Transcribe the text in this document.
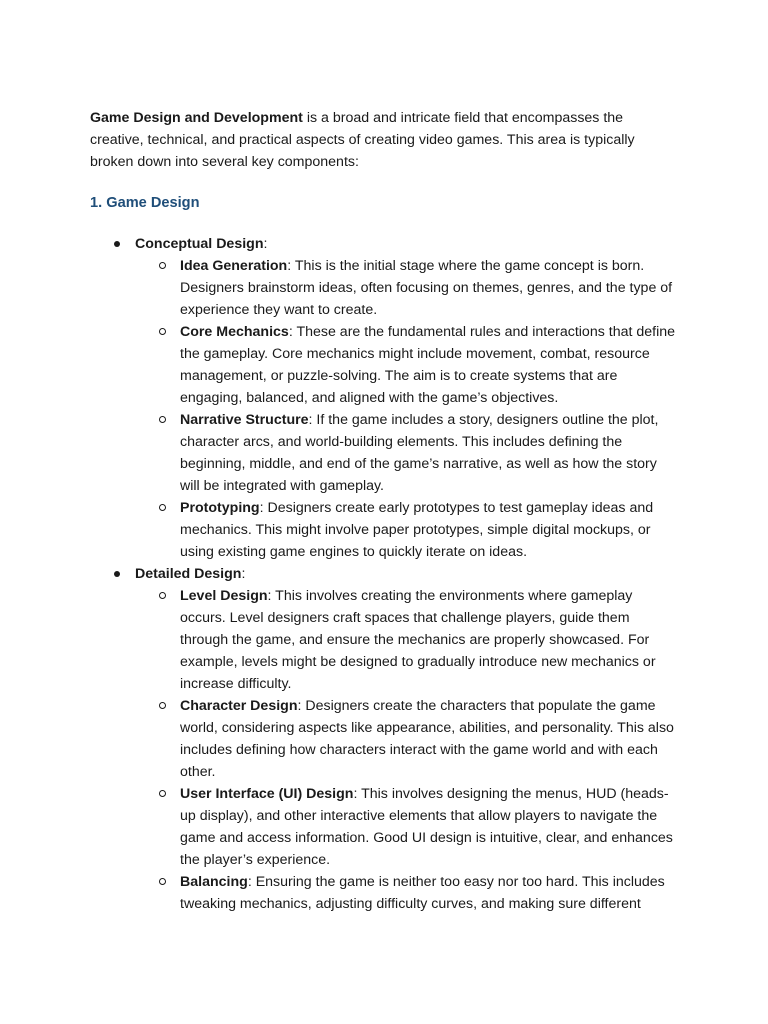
Game Design and Development is a broad and intricate field that encompasses the creative, technical, and practical aspects of creating video games. This area is typically broken down into several key components:

1. Game Design
Conceptual Design:
Idea Generation: This is the initial stage where the game concept is born. Designers brainstorm ideas, often focusing on themes, genres, and the type of experience they want to create.
Core Mechanics: These are the fundamental rules and interactions that define the gameplay. Core mechanics might include movement, combat, resource management, or puzzle-solving. The aim is to create systems that are engaging, balanced, and aligned with the game’s objectives.
Narrative Structure: If the game includes a story, designers outline the plot, character arcs, and world-building elements. This includes defining the beginning, middle, and end of the game’s narrative, as well as how the story will be integrated with gameplay.
Prototyping: Designers create early prototypes to test gameplay ideas and mechanics. This might involve paper prototypes, simple digital mockups, or using existing game engines to quickly iterate on ideas.
Detailed Design:
Level Design: This involves creating the environments where gameplay occurs. Level designers craft spaces that challenge players, guide them through the game, and ensure the mechanics are properly showcased. For example, levels might be designed to gradually introduce new mechanics or increase difficulty.
Character Design: Designers create the characters that populate the game world, considering aspects like appearance, abilities, and personality. This also includes defining how characters interact with the game world and with each other.
User Interface (UI) Design: This involves designing the menus, HUD (heads-up display), and other interactive elements that allow players to navigate the game and access information. Good UI design is intuitive, clear, and enhances the player’s experience.
Balancing: Ensuring the game is neither too easy nor too hard. This includes tweaking mechanics, adjusting difficulty curves, and making sure different
